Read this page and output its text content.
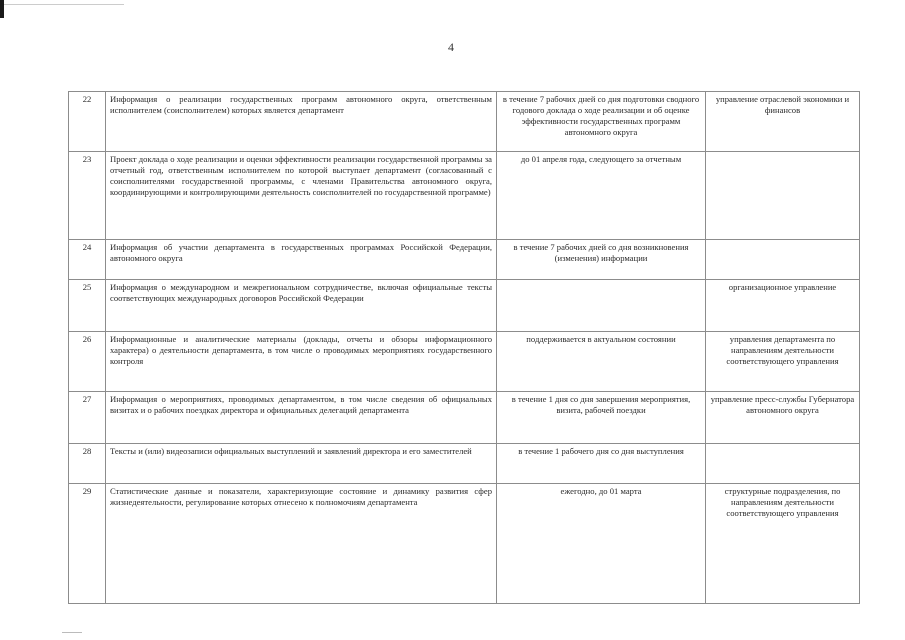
4
22	Информация о реализации государственных программ автономного округа, ответственным исполнителем (соисполнителем) которых является департамент	в течение 7 рабочих дней со дня подготовки сводного годового доклада о ходе реализации и об оценке эффективности государственных программ автономного округа	управление отраслевой экономики и финансов
23	Проект доклада о ходе реализации и оценки эффективности реализации государственной программы за отчетный год, ответственным исполнителем по которой выступает департамент (согласованный с соисполнителями государственной программы, с членами Правительства автономного округа, координирующими и контролирующими деятельность соисполнителей по государственной программе)	до 01 апреля года, следующего за отчетным	
24	Информация об участии департамента в государственных программах Российской Федерации, автономного округа	в течение 7 рабочих дней со дня возникновения (изменения) информации	
25	Информация о международном и межрегиональном сотрудничестве, включая официальные тексты соответствующих международных договоров Российской Федерации		организационное управление
26	Информационные и аналитические материалы (доклады, отчеты и обзоры информационного характера) о деятельности департамента, в том числе о проводимых мероприятиях государственного контроля	поддерживается в актуальном состоянии	управления департамента по направлениям деятельности соответствующего управления
27	Информация о мероприятиях, проводимых департаментом, в том числе сведения об официальных визитах и о рабочих поездках директора и официальных делегаций департамента	в течение 1 дня со дня завершения мероприятия, визита, рабочей поездки	управление пресс-службы Губернатора автономного округа
28	Тексты и (или) видеозаписи официальных выступлений и заявлений директора и его заместителей	в течение 1 рабочего дня со дня выступления	
29	Статистические данные и показатели, характеризующие состояние и динамику развития сфер жизнедеятельности, регулирование которых отнесено к полномочиям департамента	ежегодно, до 01 марта	структурные подразделения, по направлениям деятельности соответствующего управления
